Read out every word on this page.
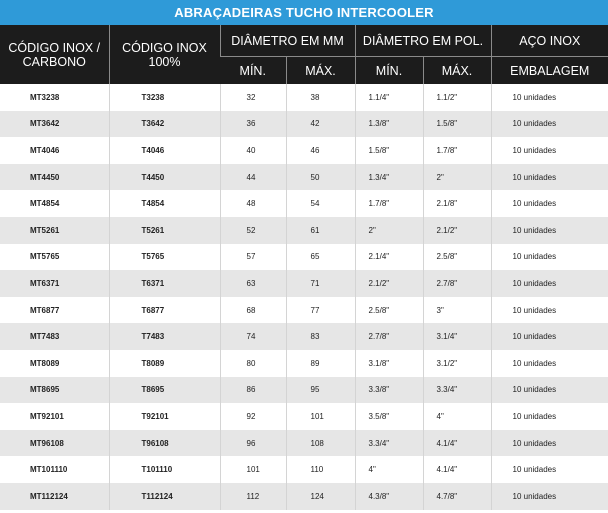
ABRAÇADEIRAS TUCHO INTERCOOLER
CÓDIGO INOX / CARBONO	CÓDIGO INOX 100%	DIÂMETRO EM MM		DIÂMETRO EM POL.		AÇO INOX
		MÍN.	MÁX.	MÍN.	MÁX.	EMBALAGEM
MT3238	T3238	32	38	1.1/4"	1.1/2"	10 unidades
MT3642	T3642	36	42	1.3/8"	1.5/8"	10 unidades
MT4046	T4046	40	46	1.5/8"	1.7/8"	10 unidades
MT4450	T4450	44	50	1.3/4"	2"	10 unidades
MT4854	T4854	48	54	1.7/8"	2.1/8"	10 unidades
MT5261	T5261	52	61	2"	2.1/2"	10 unidades
MT5765	T5765	57	65	2.1/4"	2.5/8"	10 unidades
MT6371	T6371	63	71	2.1/2"	2.7/8"	10 unidades
MT6877	T6877	68	77	2.5/8"	3"	10 unidades
MT7483	T7483	74	83	2.7/8"	3.1/4"	10 unidades
MT8089	T8089	80	89	3.1/8"	3.1/2"	10 unidades
MT8695	T8695	86	95	3.3/8"	3.3/4"	10 unidades
MT92101	T92101	92	101	3.5/8"	4"	10 unidades
MT96108	T96108	96	108	3.3/4"	4.1/4"	10 unidades
MT101110	T101110	101	110	4"	4.1/4"	10 unidades
MT112124	T112124	112	124	4.3/8"	4.7/8"	10 unidades
